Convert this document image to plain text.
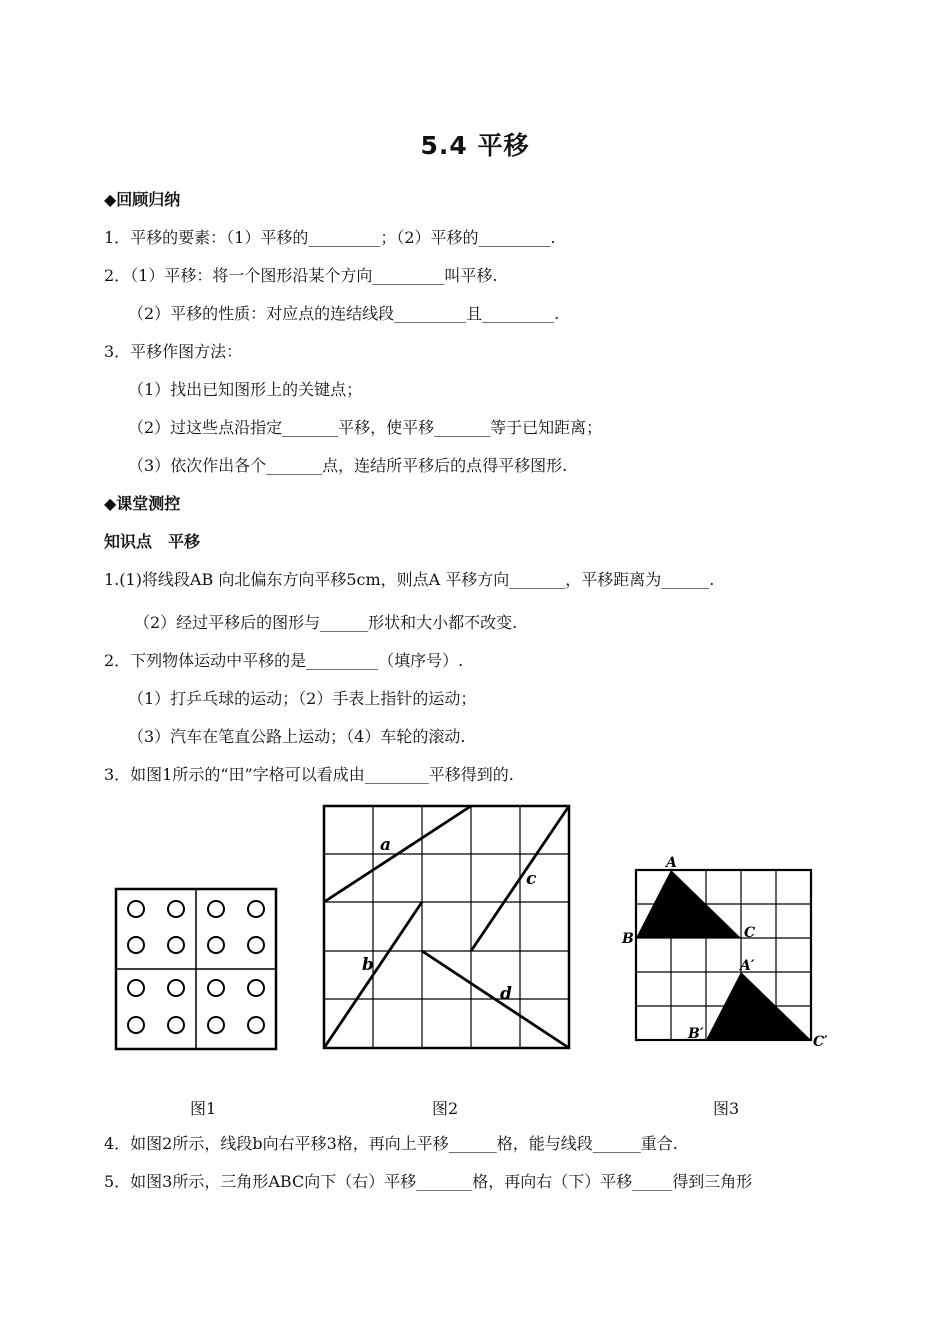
5.4 平移
◆回顾归纳
1．平移的要素：（1）平移的_________；（2）平移的_________.
2．（1）平移：将一个图形沿某个方向_________叫平移.
（2）平移的性质：对应点的连结线段_________且_________.
3．平移作图方法：
（1）找出已知图形上的关键点；
（2）过这些点沿指定_______平移，使平移_______等于已知距离；
（3）依次作出各个_______点，连结所平移后的点得平移图形.
◆课堂测控
知识点　平移
1.(1)将线段AB 向北偏东方向平移5cm，则点A 平移方向_______，平移距离为______.
（2）经过平移后的图形与______形状和大小都不改变.
2．下列物体运动中平移的是_________（填序号）.
（1）打乒乓球的运动；（2）手表上指针的运动；
（3）汽车在笔直公路上运动；（4）车轮的滚动.
3．如图1所示的“田”字格可以看成由________平移得到的.
a
b
c
d
A
B	C
A′
B′	C′
图1	图2	图3
4．如图2所示，线段b向右平移3格，再向上平移______格，能与线段______重合.
5．如图3所示，三角形ABC向下（右）平移_______格，再向右（下）平移_____得到三角形
